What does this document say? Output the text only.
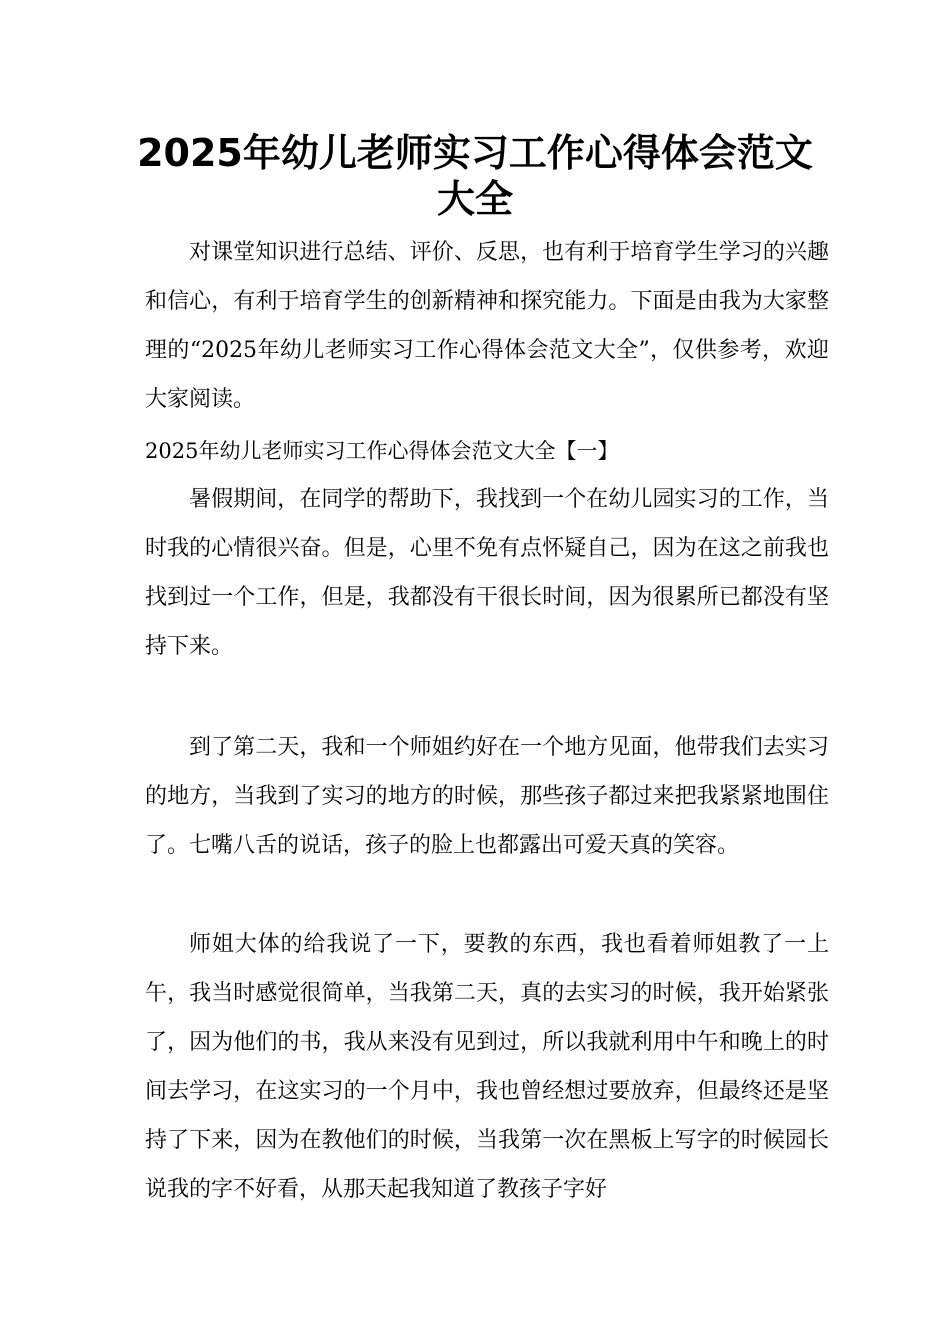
2025年幼儿老师实习工作心得体会范文
大全

对课堂知识进行总结、评价、反思，也有利于培育学生学习的兴趣和信心，有利于培育学生的创新精神和探究能力。下面是由我为大家整理的“2025年幼儿老师实习工作心得体会范文大全”，仅供参考，欢迎大家阅读。

2025年幼儿老师实习工作心得体会范文大全【一】

暑假期间，在同学的帮助下，我找到一个在幼儿园实习的工作，当时我的心情很兴奋。但是，心里不免有点怀疑自己，因为在这之前我也找到过一个工作，但是，我都没有干很长时间，因为很累所已都没有坚持下来。

到了第二天，我和一个师姐约好在一个地方见面，他带我们去实习的地方，当我到了实习的地方的时候，那些孩子都过来把我紧紧地围住了。七嘴八舌的说话，孩子的脸上也都露出可爱天真的笑容。

师姐大体的给我说了一下，要教的东西，我也看着师姐教了一上午，我当时感觉很简单，当我第二天，真的去实习的时候，我开始紧张了，因为他们的书，我从来没有见到过，所以我就利用中午和晚上的时间去学习，在这实习的一个月中，我也曾经想过要放弃，但最终还是坚持了下来，因为在教他们的时候，当我第一次在黑板上写字的时候园长说我的字不好看，从那天起我知道了教孩子字好
